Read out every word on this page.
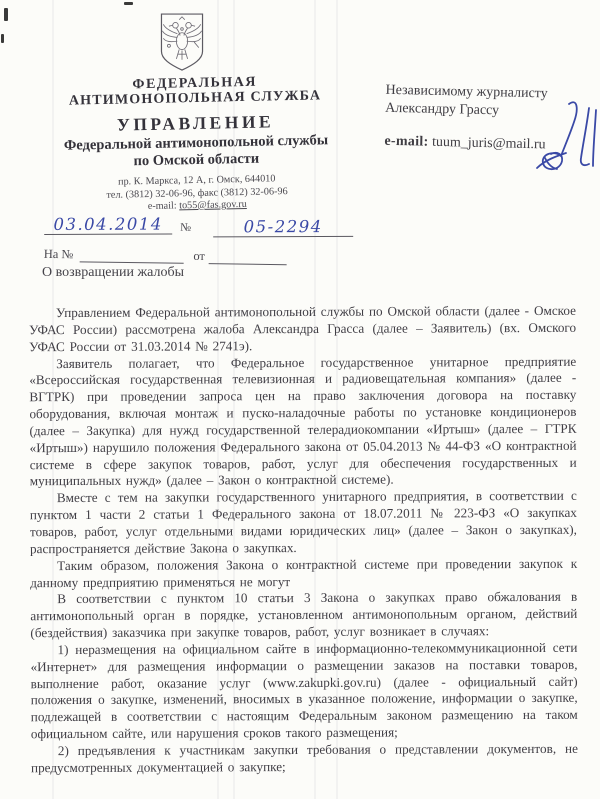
ФЕДЕРАЛЬНАЯ
АНТИМОНОПОЛЬНАЯ СЛУЖБА
УПРАВЛЕНИЕ
Федеральной антимонопольной службы
по Омской области
пр. К. Маркса, 12 А, г. Омск, 644010
тел. (3812) 32-06-96, факс (3812) 32-06-96
e-mail: to55@fas.gov.ru
03.04.2014	№	05-2294
На №	от
Независимому журналисту
Александру Грассу
e-mail: tuum_juris@mail.ru
О возвращении жалобы

Управлением Федеральной антимонопольной службы по Омской области (далее - Омское УФАС России) рассмотрена жалоба Александра Грасса (далее – Заявитель) (вх. Омского УФАС России от 31.03.2014 № 2741э).

Заявитель полагает, что Федеральное государственное унитарное предприятие «Всероссийская государственная телевизионная и радиовещательная компания» (далее - ВГТРК) при проведении запроса цен на право заключения договора на поставку оборудования, включая монтаж и пуско-наладочные работы по установке кондиционеров (далее – Закупка) для нужд государственной телерадиокомпании «Иртыш» (далее – ГТРК «Иртыш») нарушило положения Федерального закона от 05.04.2013 № 44-ФЗ «О контрактной системе в сфере закупок товаров, работ, услуг для обеспечения государственных и муниципальных нужд» (далее – Закон о контрактной системе).

Вместе с тем на закупки государственного унитарного предприятия, в соответствии с пунктом 1 части 2 статьи 1 Федерального закона от 18.07.2011 № 223-ФЗ «О закупках товаров, работ, услуг отдельными видами юридических лиц» (далее – Закон о закупках), распространяется действие Закона о закупках.

Таким образом, положения Закона о контрактной системе при проведении закупок к данному предприятию применяться не могут

В соответствии с пунктом 10 статьи 3 Закона о закупках право обжалования в антимонопольный орган в порядке, установленном антимонопольным органом, действий (бездействия) заказчика при закупке товаров, работ, услуг возникает в случаях:

1) неразмещения на официальном сайте в информационно-телекоммуникационной сети «Интернет» для размещения информации о размещении заказов на поставки товаров, выполнение работ, оказание услуг (www.zakupki.gov.ru) (далее - официальный сайт) положения о закупке, изменений, вносимых в указанное положение, информации о закупке, подлежащей в соответствии с настоящим Федеральным законом размещению на таком официальном сайте, или нарушения сроков такого размещения;

2) предъявления к участникам закупки требования о представлении документов, не предусмотренных документацией о закупке;
